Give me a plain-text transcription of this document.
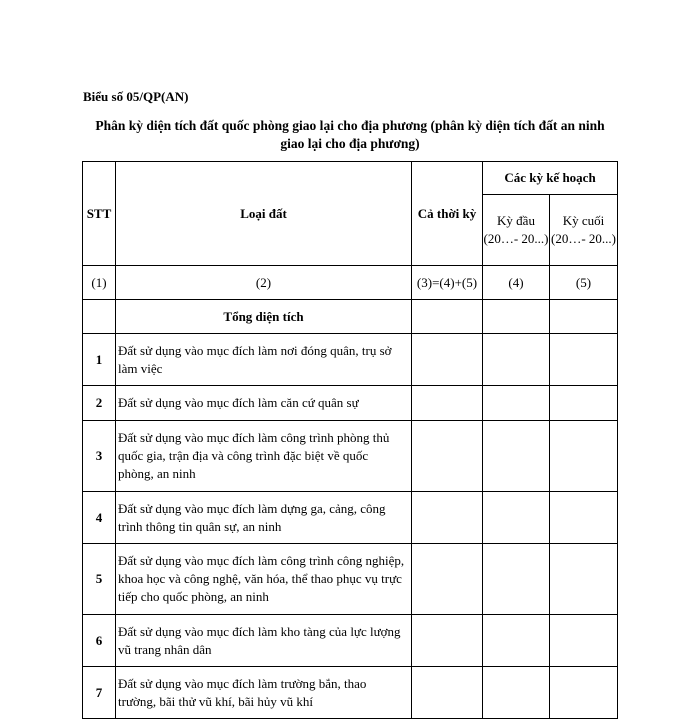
Biểu số 05/QP(AN)
Phân kỳ diện tích đất quốc phòng giao lại cho địa phương (phân kỳ diện tích đất an ninh giao lại cho địa phương)
STT	Loại đất	Cả thời kỳ	Các kỳ kế hoạch	
			Kỳ đầu (20…- 20...)	Kỳ cuối (20…- 20...)
(1)	(2)	(3)=(4)+(5)	(4)	(5)
	Tổng diện tích			
1	Đất sử dụng vào mục đích làm nơi đóng quân, trụ sở làm việc			
2	Đất sử dụng vào mục đích làm căn cứ quân sự			
3	Đất sử dụng vào mục đích làm công trình phòng thủ quốc gia, trận địa và công trình đặc biệt về quốc phòng, an ninh			
4	Đất sử dụng vào mục đích làm dựng ga, cảng, công trình thông tin quân sự, an ninh			
5	Đất sử dụng vào mục đích làm công trình công nghiệp, khoa học và công nghệ, văn hóa, thể thao phục vụ trực tiếp cho quốc phòng, an ninh			
6	Đất sử dụng vào mục đích làm kho tàng của lực lượng vũ trang nhân dân			
7	Đất sử dụng vào mục đích làm trường bắn, thao trường, bãi thử vũ khí, bãi hủy vũ khí			
